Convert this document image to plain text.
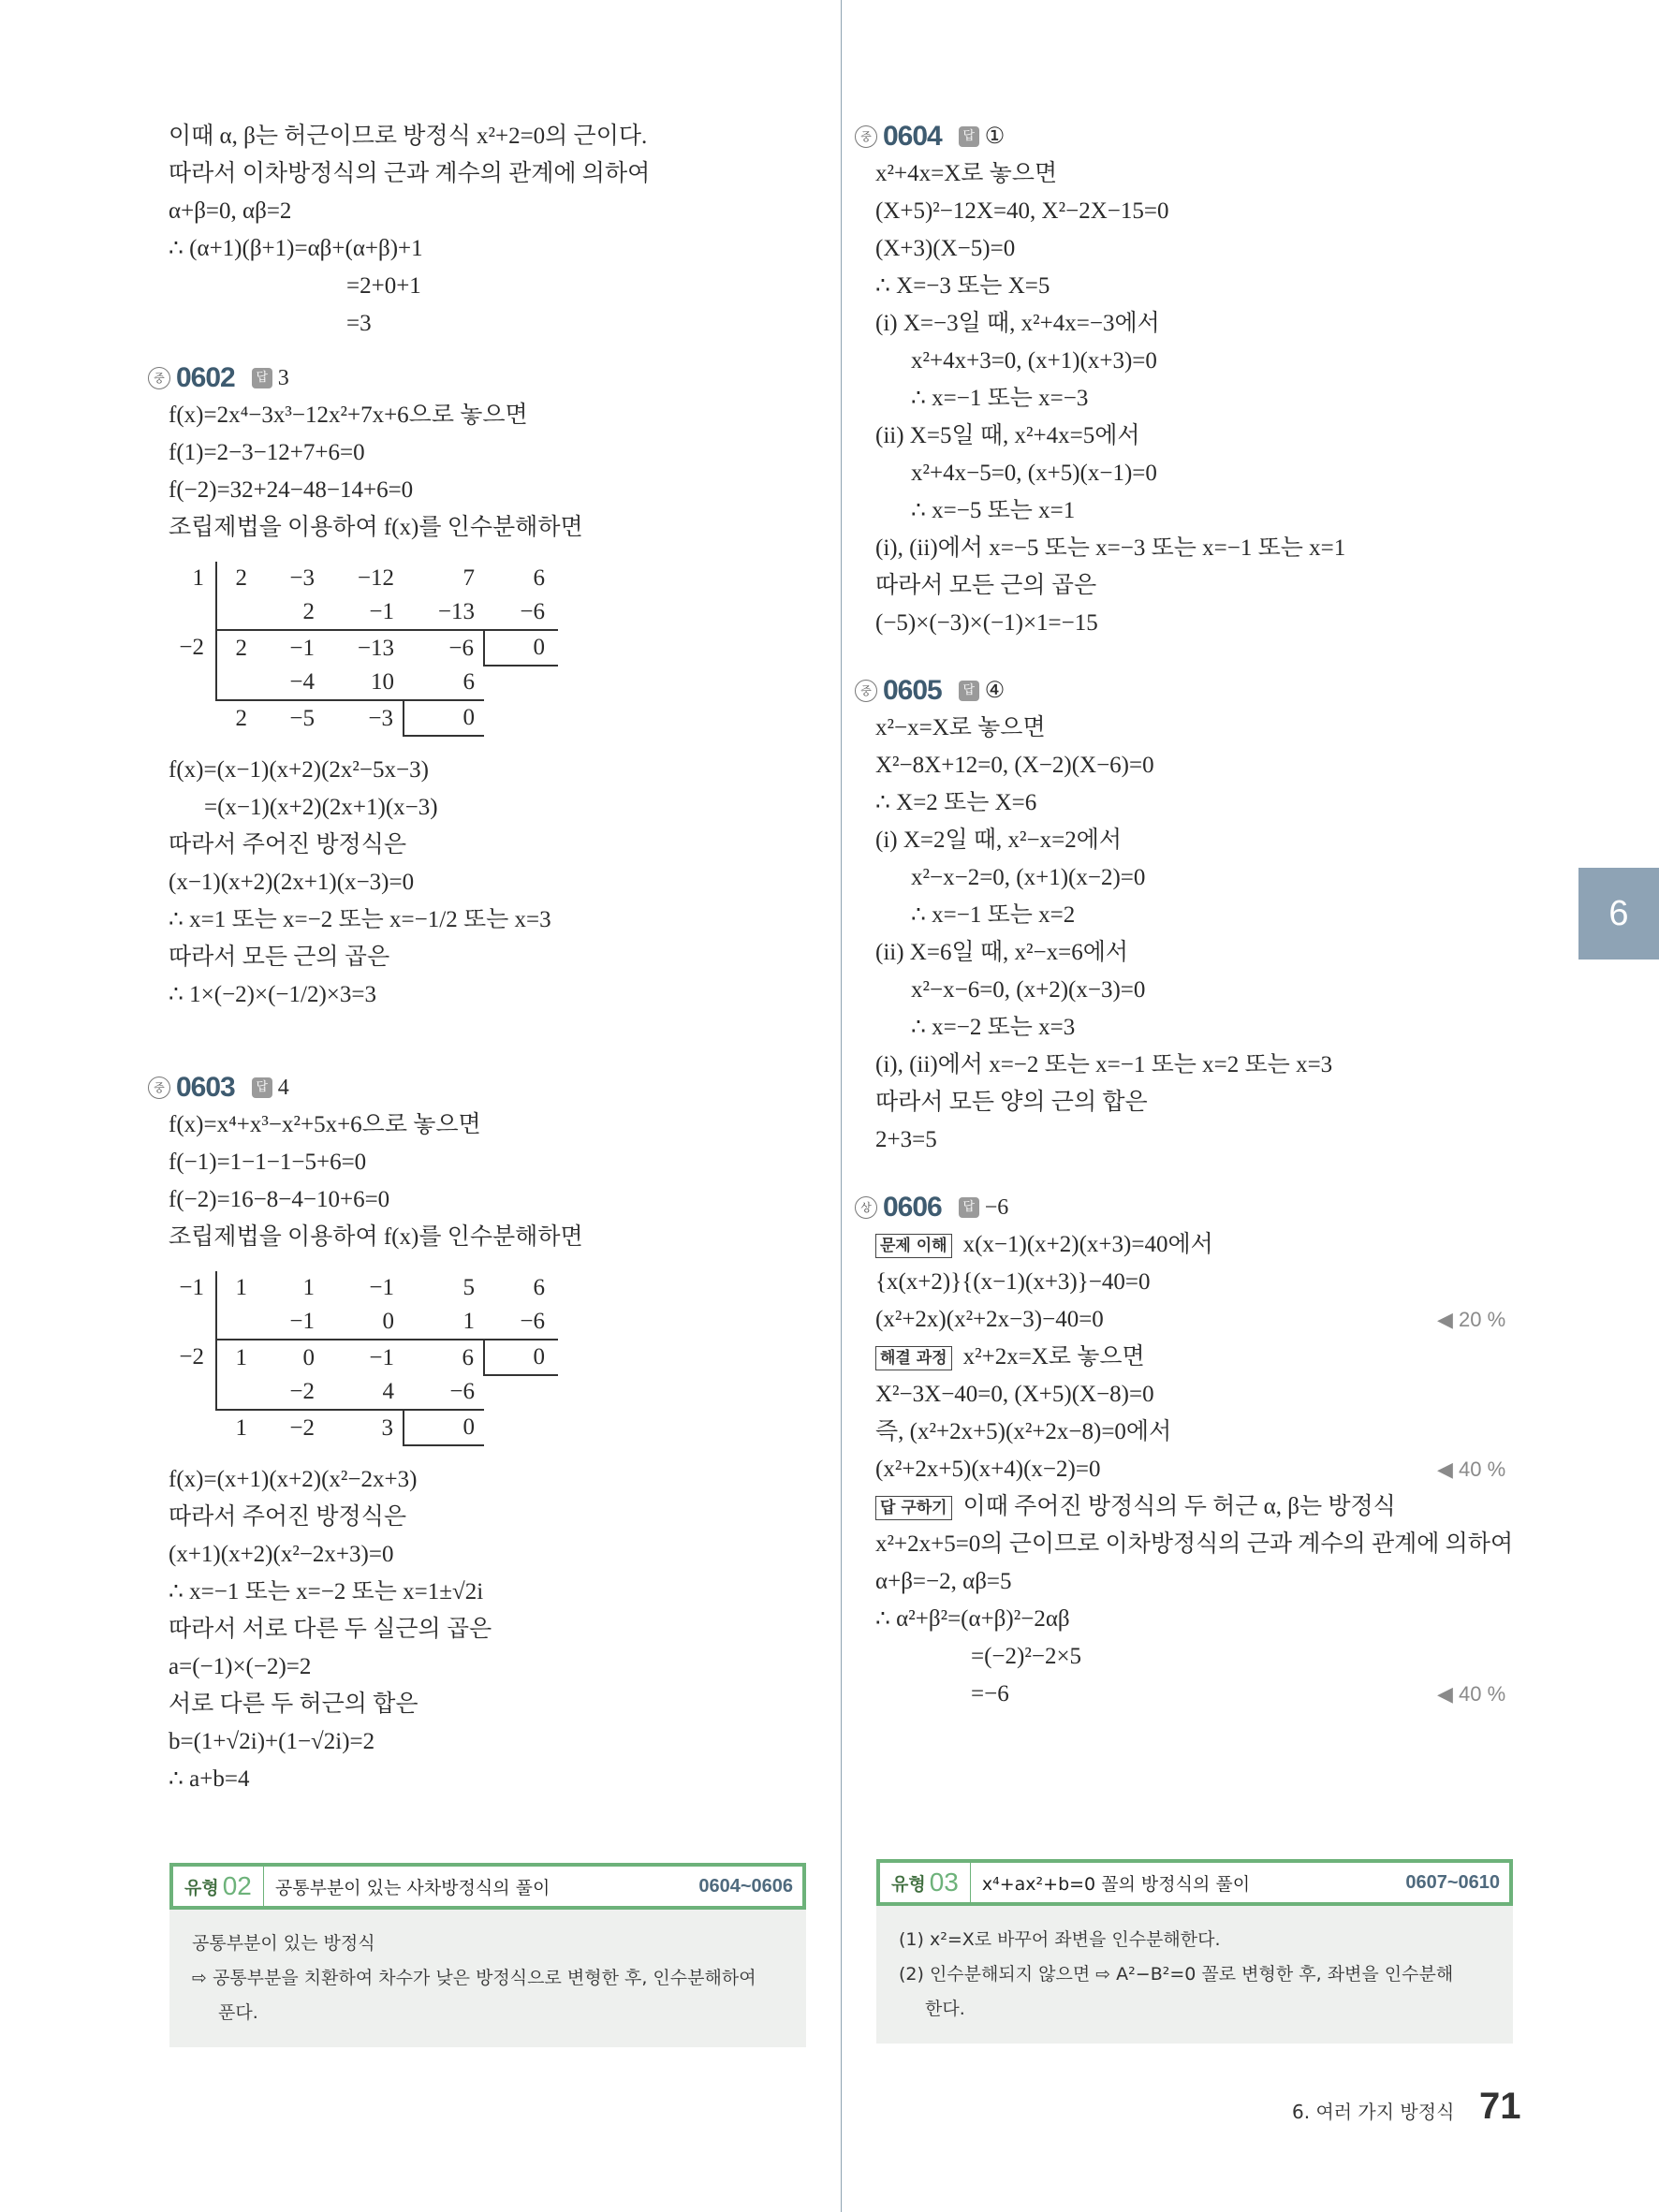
6
이때 α, β는 허근이므로 방정식 x²+2=0의 근이다.
따라서 이차방정식의 근과 계수의 관계에 의하여
α+β=0, αβ=2
∴ (α+1)(β+1)=αβ+(α+β)+1
=2+0+1
=3
중 0602	답 3
f(x)=2x⁴−3x³−12x²+7x+6으로 놓으면
f(1)=2−3−12+7+6=0
f(−2)=32+24−48−14+6=0
조립제법을 이용하여 f(x)를 인수분해하면
1	2	−3	−12	7	6
		2	−1	−13	−6
−2	2	−1	−13	−6	0
		−4	10	6	
	2	−5	−3	0	
f(x)=(x−1)(x+2)(2x²−5x−3)
=(x−1)(x+2)(2x+1)(x−3)
따라서 주어진 방정식은
(x−1)(x+2)(2x+1)(x−3)=0
∴ x=1 또는 x=−2 또는 x=−1/2 또는 x=3
따라서 모든 근의 곱은
∴ 1×(−2)×(−1/2)×3=3
중 0603	답 4
f(x)=x⁴+x³−x²+5x+6으로 놓으면
f(−1)=1−1−1−5+6=0
f(−2)=16−8−4−10+6=0
조립제법을 이용하여 f(x)를 인수분해하면
−1	1	1	−1	5	6
		−1	0	1	−6
−2	1	0	−1	6	0
		−2	4	−6	
	1	−2	3	0	
f(x)=(x+1)(x+2)(x²−2x+3)
따라서 주어진 방정식은
(x+1)(x+2)(x²−2x+3)=0
∴ x=−1 또는 x=−2 또는 x=1±√2i
따라서 서로 다른 두 실근의 곱은
a=(−1)×(−2)=2
서로 다른 두 허근의 합은
b=(1+√2i)+(1−√2i)=2
∴ a+b=4
중 0604	답 ①
x²+4x=X로 놓으면
(X+5)²−12X=40, X²−2X−15=0
(X+3)(X−5)=0
∴ X=−3 또는 X=5
(i) X=−3일 때, x²+4x=−3에서
x²+4x+3=0, (x+1)(x+3)=0
∴ x=−1 또는 x=−3
(ii) X=5일 때, x²+4x=5에서
x²+4x−5=0, (x+5)(x−1)=0
∴ x=−5 또는 x=1
(i), (ii)에서 x=−5 또는 x=−3 또는 x=−1 또는 x=1
따라서 모든 근의 곱은
(−5)×(−3)×(−1)×1=−15
중 0605	답 ④
x²−x=X로 놓으면
X²−8X+12=0, (X−2)(X−6)=0
∴ X=2 또는 X=6
(i) X=2일 때, x²−x=2에서
x²−x−2=0, (x+1)(x−2)=0
∴ x=−1 또는 x=2
(ii) X=6일 때, x²−x=6에서
x²−x−6=0, (x+2)(x−3)=0
∴ x=−2 또는 x=3
(i), (ii)에서 x=−2 또는 x=−1 또는 x=2 또는 x=3
따라서 모든 양의 근의 합은
2+3=5
상 0606	답 −6
문제 이해 x(x−1)(x+2)(x+3)=40에서
{x(x+2)}{(x−1)(x+3)}−40=0
(x²+2x)(x²+2x−3)−40=0	◀ 20 %
해결 과정 x²+2x=X로 놓으면
X²−3X−40=0, (X+5)(X−8)=0
즉, (x²+2x+5)(x²+2x−8)=0에서
(x²+2x+5)(x+4)(x−2)=0	◀ 40 %
답 구하기 이때 주어진 방정식의 두 허근 α, β는 방정식
x²+2x+5=0의 근이므로 이차방정식의 근과 계수의 관계에 의하여
α+β=−2, αβ=5
∴ α²+β²=(α+β)²−2αβ
=(−2)²−2×5
=−6	◀ 40 %
유형 02	공통부분이 있는 사차방정식의 풀이	0604~0606
공통부분이 있는 방정식
⇨ 공통부분을 치환하여 차수가 낮은 방정식으로 변형한 후, 인수분해하여
푼다.
유형 03	x⁴+ax²+b=0 꼴의 방정식의 풀이	0607~0610
(1) x²=X로 바꾸어 좌변을 인수분해한다.
(2) 인수분해되지 않으면 ⇨ A²−B²=0 꼴로 변형한 후, 좌변을 인수분해
한다.
6. 여러 가지 방정식 71
